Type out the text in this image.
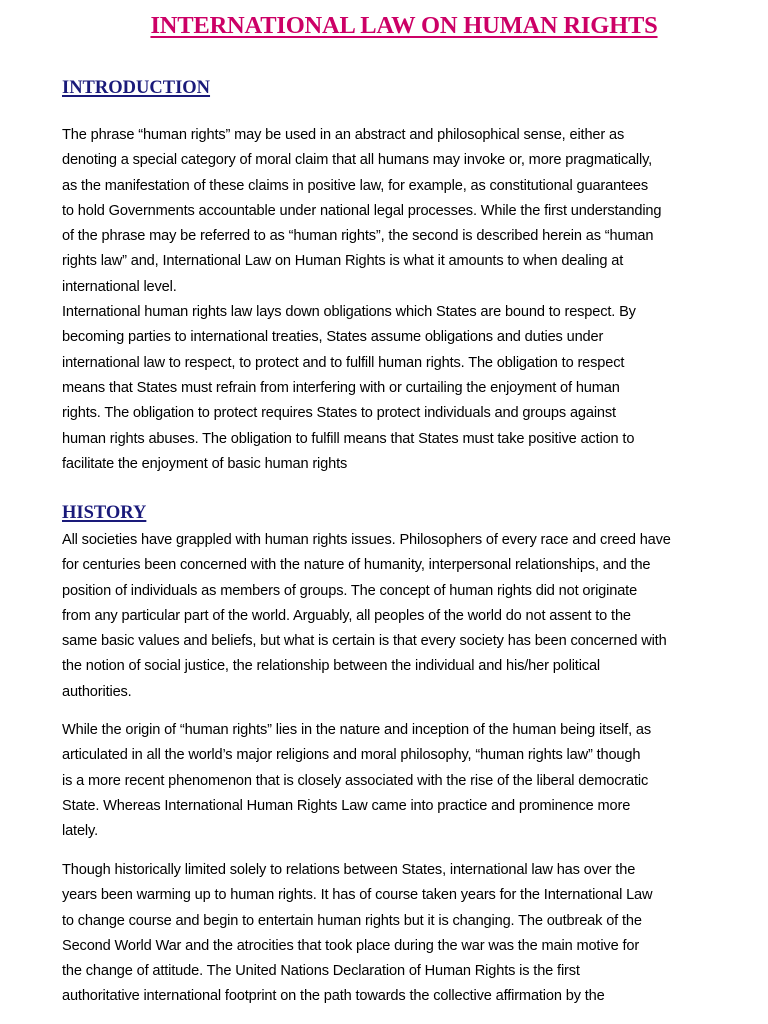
INTERNATIONAL LAW ON HUMAN RIGHTS
INTRODUCTION
The phrase “human rights” may be used in an abstract and philosophical sense, either as
denoting a special category of moral claim that all humans may invoke or, more pragmatically,
as the manifestation of these claims in positive law, for example, as constitutional guarantees
to hold Governments accountable under national legal processes. While the first understanding
of the phrase may be referred to as “human rights”, the second is described herein as “human
rights law” and, International Law on Human Rights is what it amounts to when dealing at
international level.
International human rights law lays down obligations which States are bound to respect. By
becoming parties to international treaties, States assume obligations and duties under
international law to respect, to protect and to fulfill human rights. The obligation to respect
means that States must refrain from interfering with or curtailing the enjoyment of human
rights. The obligation to protect requires States to protect individuals and groups against
human rights abuses. The obligation to fulfill means that States must take positive action to
facilitate the enjoyment of basic human rights
HISTORY
All societies have grappled with human rights issues. Philosophers of every race and creed have
for centuries been concerned with the nature of humanity, interpersonal relationships, and the
position of individuals as members of groups. The concept of human rights did not originate
from any particular part of the world. Arguably, all peoples of the world do not assent to the
same basic values and beliefs, but what is certain is that every society has been concerned with
the notion of social justice, the relationship between the individual and his/her political
authorities.
While the origin of “human rights” lies in the nature and inception of the human being itself, as
articulated in all the world’s major religions and moral philosophy, “human rights law” though
is a more recent phenomenon that is closely associated with the rise of the liberal democratic
State. Whereas International Human Rights Law came into practice and prominence more
lately.
Though historically limited solely to relations between States, international law has over the
years been warming up to human rights. It has of course taken years for the International Law
to change course and begin to entertain human rights but it is changing. The outbreak of the
Second World War and the atrocities that took place during the war was the main motive for
the change of attitude. The United Nations Declaration of Human Rights is the first
authoritative international footprint on the path towards the collective affirmation by the
